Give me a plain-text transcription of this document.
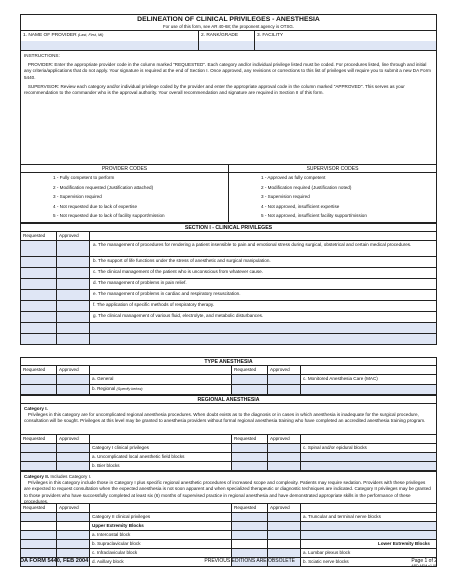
DELINEATION OF CLINICAL PRIVILEGES - ANESTHESIA
For use of this form, see AR 40-68; the proponent agency is OTSG.
1. NAME OF PROVIDER (Last, First, MI)	2. RANK/GRADE	3. FACILITY

INSTRUCTIONS:

PROVIDER: Enter the appropriate provider code in the column marked "REQUESTED". Each category and/or individual privilege listed must be coded. For procedures listed, line through and initial any criteria/applications that do not apply. Your signature is required at the end of Section I. Once approved, any revisions or corrections to this list of privileges will require you to submit a new DA Form 5440.

SUPERVISOR: Review each category and/or individual privilege coded by the provider and enter the appropriate approval code in the column marked "APPROVED". This serves as your recommendation to the commander who is the approval authority. Your overall recommendation and signature are required in Section II of this form.

PROVIDER CODES
1 - Fully competent to perform
2 - Modification requested (Justification attached)
3 - Supervision required
4 - Not requested due to lack of expertise
5 - Not requested due to lack of facility support/mission
SUPERVISOR CODES
1 - Approved as fully competent
2 - Modification required (Justification noted)
3 - Supervision required
4 - Not approved, insufficient expertise
5 - Not approved, insufficient facility support/mission
SECTION I - CLINICAL PRIVILEGES
Requested	Approved
a. The management of procedures for rendering a patient insensible to pain and emotional stress during surgical, obstetrical and certain medical procedures.
b. The support of life functions under the stress of anesthetic and surgical manipulation.
c. The clinical management of the patient who is unconscious from whatever cause.
d. The management of problems in pain relief.
e. The management of problems in cardiac and respiratory resuscitation.
f. The application of specific methods of respiratory therapy.
g. The clinical management of various fluid, electrolyte, and metabolic disturbances.
TYPE ANESTHESIA
Requested	Approved	Requested	Approved
a. General	c. Monitored Anesthesia Care (MAC)
b. Regional (Specify below)
REGIONAL ANESTHESIA
Category I.
Privileges in this category are for uncomplicated regional anesthesia procedures. When doubt exists as to the diagnosis or in cases in which anesthesia is inadequate for the surgical procedure, consultation will be sought. Privileges at this level may be granted to anesthesia providers without formal regional anesthesia training who have completed an accredited anesthesia training program.
Requested	Approved	Requested	Approved
Category I clinical privileges	c. Spinal and/or epidural blocks
a. Uncomplicated local anesthetic field blocks
b. Bier blocks
Category II. Includes Category I.
Privileges in this category include those in Category I plus specific regional anesthetic procedures of increased scope and complexity. Patients may require sedation. Providers with these privileges are expected to request consultation when the expected anesthesia is not soon apparent and when specialized therapeutic or diagnostic techniques are indicated. Category II privileges may be granted to those providers who have successfully completed at least six (6) months of supervised practice in regional anesthesia and have demonstrated appropriate skills in the performance of these procedures.
Requested	Approved	Requested	Approved
Category II clinical privileges	a. Truncular and terminal nerve blocks
Upper Extremity Blocks
a. Intercostal block
b. Supraclavicular block	Lower Extremity Blocks
c. Infraclavicular block	a. Lumbar plexus block
d. Axillary block	b. Sciatic nerve blocks
DA FORM 5440, FEB 2004	PREVIOUS EDITIONS ARE OBSOLETE	Page 1 of 2
APD AEM v1.00
